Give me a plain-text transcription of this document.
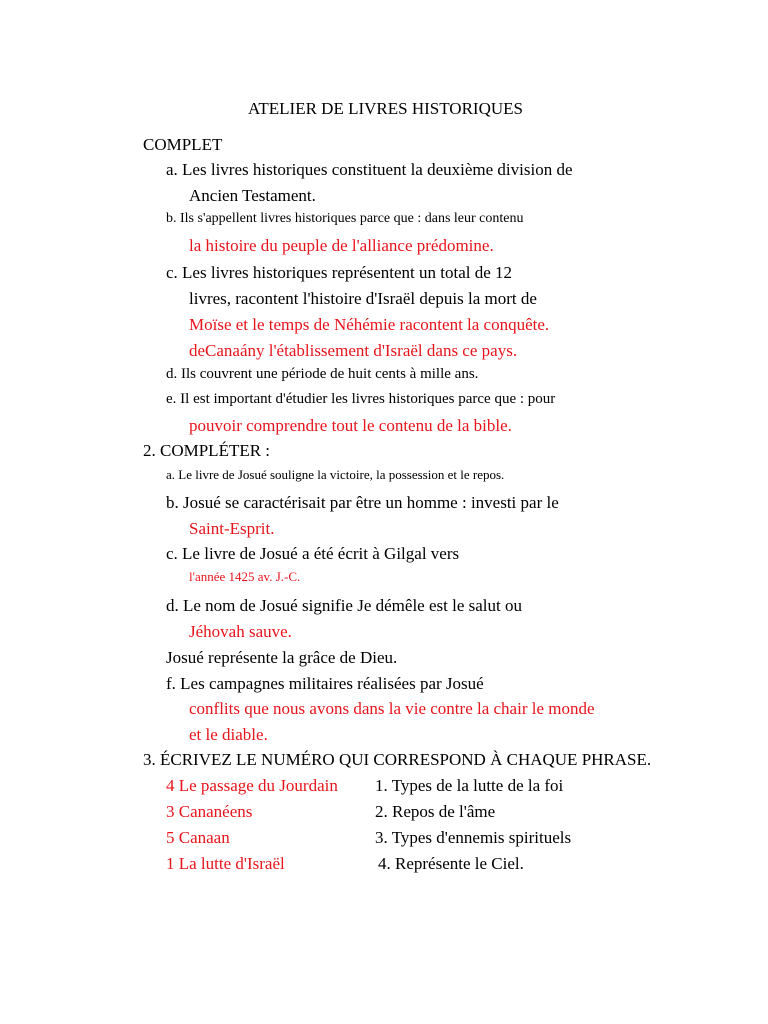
ATELIER DE LIVRES HISTORIQUES
COMPLET
a. Les livres historiques constituent la deuxième division de
Ancien Testament.
b. Ils s'appellent livres historiques parce que : dans leur contenu
la histoire du peuple de l'alliance prédomine.
c. Les livres historiques représentent un total de 12
livres, racontent l'histoire d'Israël depuis la mort de
Moïse et le temps de Néhémie racontent la conquête.
deCanaány l'établissement d'Israël dans ce pays.
d. Ils couvrent une période de huit cents à mille ans.
e. Il est important d'étudier les livres historiques parce que : pour
pouvoir comprendre tout le contenu de la bible.
2. COMPLÉTER :
a. Le livre de Josué souligne la victoire, la possession et le repos.
b. Josué se caractérisait par être un homme : investi par le
Saint-Esprit.
c. Le livre de Josué a été écrit à Gilgal vers
l'année 1425 av. J.-C.
d. Le nom de Josué signifie Je démêle est le salut ou
Jéhovah sauve.
Josué représente la grâce de Dieu.
f. Les campagnes militaires réalisées par Josué
conflits que nous avons dans la vie contre la chair le monde
et le diable.
3. ÉCRIVEZ LE NUMÉRO QUI CORRESPOND À CHAQUE PHRASE.
4 Le passage du Jourdain 1. Types de la lutte de la foi
3 Cananéens	2. Repos de l'âme
5 Canaan	3. Types d'ennemis spirituels
1 La lutte d'Israël	4. Représente le Ciel.
